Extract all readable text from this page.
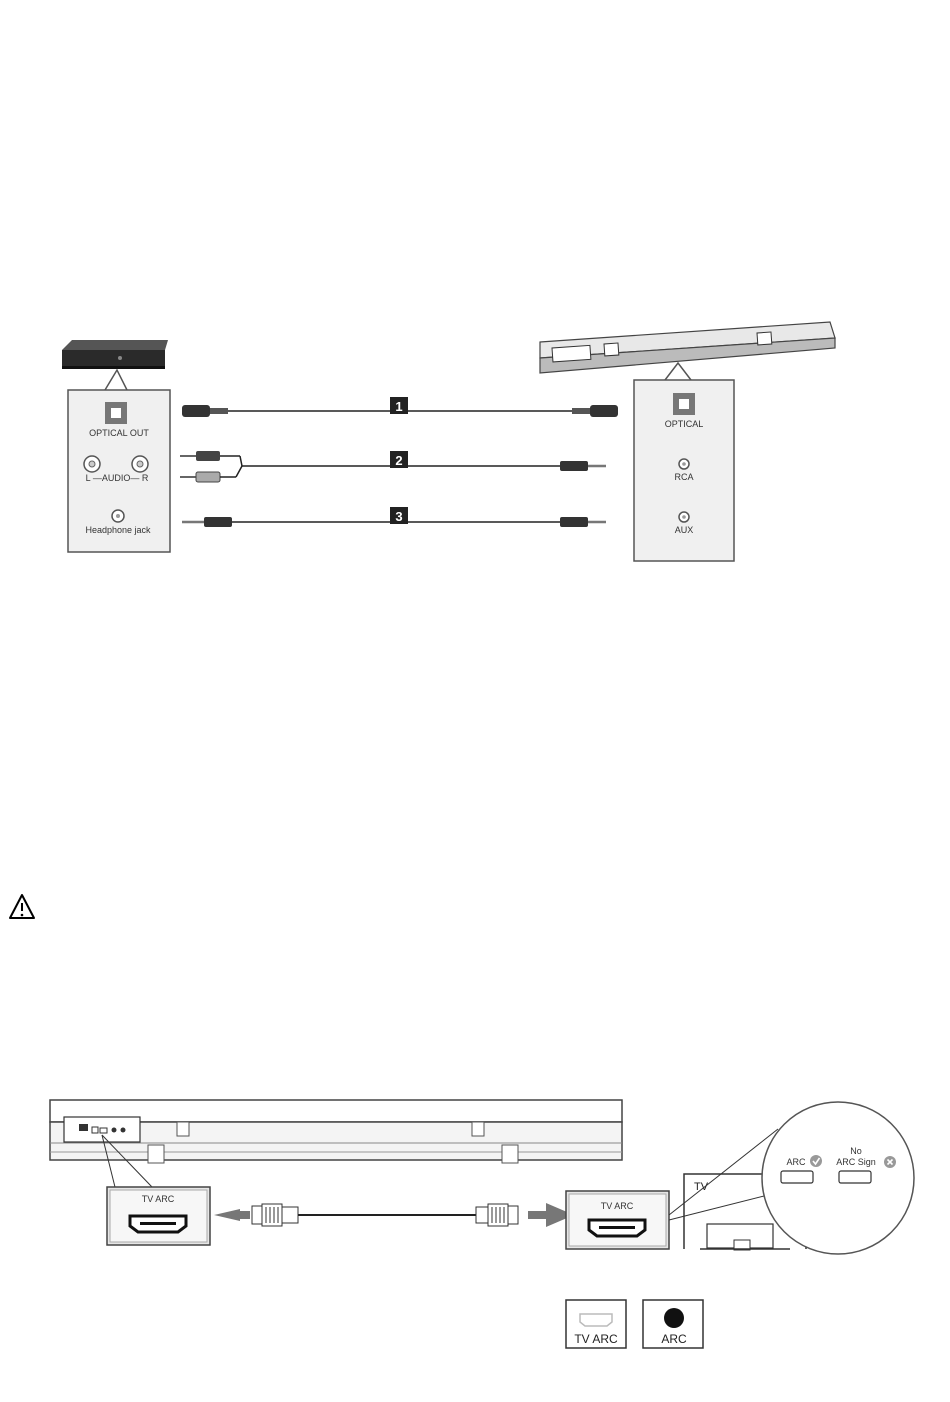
OPTICAL OUT
L —AUDIO— R
Headphone jack
OPTICAL
RCA
AUX
1
2
3
TV ARC
TV ARC
TV
ARC
No
ARC Sign
TV ARC	ARC
